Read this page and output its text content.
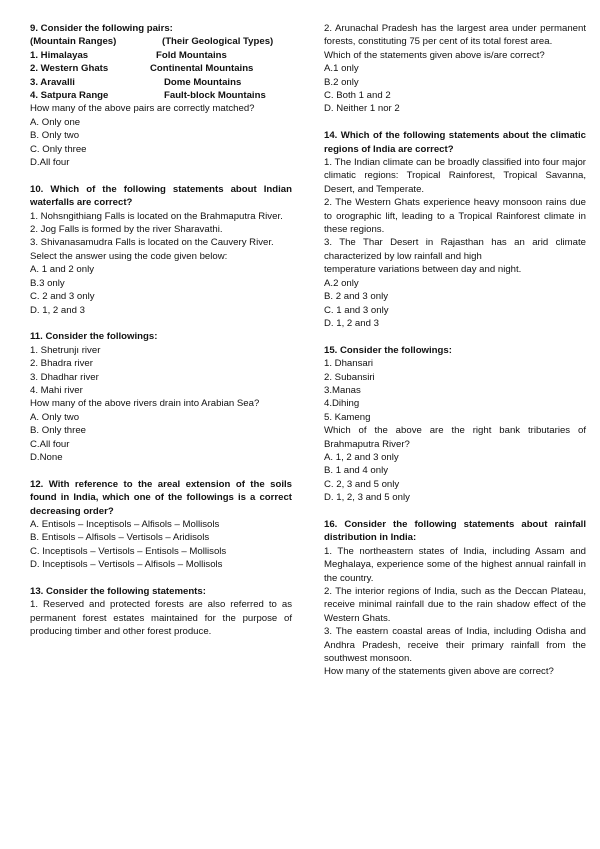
9. Consider the following pairs:
(Mountain Ranges)	(Their Geological Types)
1. Himalayas	Fold Mountains
2. Western Ghats	Continental Mountains
3. Aravalli	Dome Mountains
4. Satpura Range	Fault-block Mountains
How many of the above pairs are correctly matched?
A. Only one
B. Only two
C. Only three
D.All four
10. Which of the following statements about Indian waterfalls are correct?
1. Nohsngithiang Falls is located on the Brahmaputra River.
2. Jog Falls is formed by the river Sharavathi.
3. Shivanasamudra Falls is located on the Cauvery River.
Select the answer using the code given below:
A. 1 and 2 only
B.3 only
C. 2 and 3 only
D. 1, 2 and 3
11. Consider the followings:
1. Shetrunjı river
2. Bhadra river
3. Dhadhar river
4. Mahi river
How many of the above rivers drain into Arabian Sea?
A. Only two
B. Only three
C.All four
D.None
12. With reference to the areal extension of the soils found in India, which one of the followings is a correct decreasing order?
A. Entisols – Inceptisols – Alfisols – Mollisols
B. Entisols – Alfisols – Vertisols – Aridisols
C. Inceptisols – Vertisols – Entisols – Mollisols
D. Inceptisols – Vertisols – Alfisols – Mollisols
13. Consider the following statements:
1. Reserved and protected forests are also referred to as permanent forest estates maintained for the purpose of producing timber and other forest produce.
2. Arunachal Pradesh has the largest area under permanent forests, constituting 75 per cent of its total forest area.
Which of the statements given above is/are correct?
A.1 only
B.2 only
C. Both 1 and 2
D. Neither 1 nor 2
14. Which of the following statements about the climatic regions of India are correct?
1. The Indian climate can be broadly classified into four major climatic regions: Tropical Rainforest, Tropical Savanna, Desert, and Temperate.
2. The Western Ghats experience heavy monsoon rains due to orographic lift, leading to a Tropical Rainforest climate in these regions.
3. The Thar Desert in Rajasthan has an arid climate characterized by low rainfall and high
temperature variations between day and night.
A.2 only
B. 2 and 3 only
C. 1 and 3 only
D. 1, 2 and 3
15. Consider the followings:
1. Dhansari
2. Subansiri
3.Manas
4.Dihing
5. Kameng
Which of the above are the right bank tributaries of Brahmaputra River?
A. 1, 2 and 3 only
B. 1 and 4 only
C. 2, 3 and 5 only
D. 1, 2, 3 and 5 only
16. Consider the following statements about rainfall distribution in India:
1. The northeastern states of India, including Assam and Meghalaya, experience some of the highest annual rainfall in the country.
2. The interior regions of India, such as the Deccan Plateau, receive minimal rainfall due to the rain shadow effect of the Western Ghats.
3. The eastern coastal areas of India, including Odisha and Andhra Pradesh, receive their primary rainfall from the southwest monsoon.
How many of the statements given above are correct?
